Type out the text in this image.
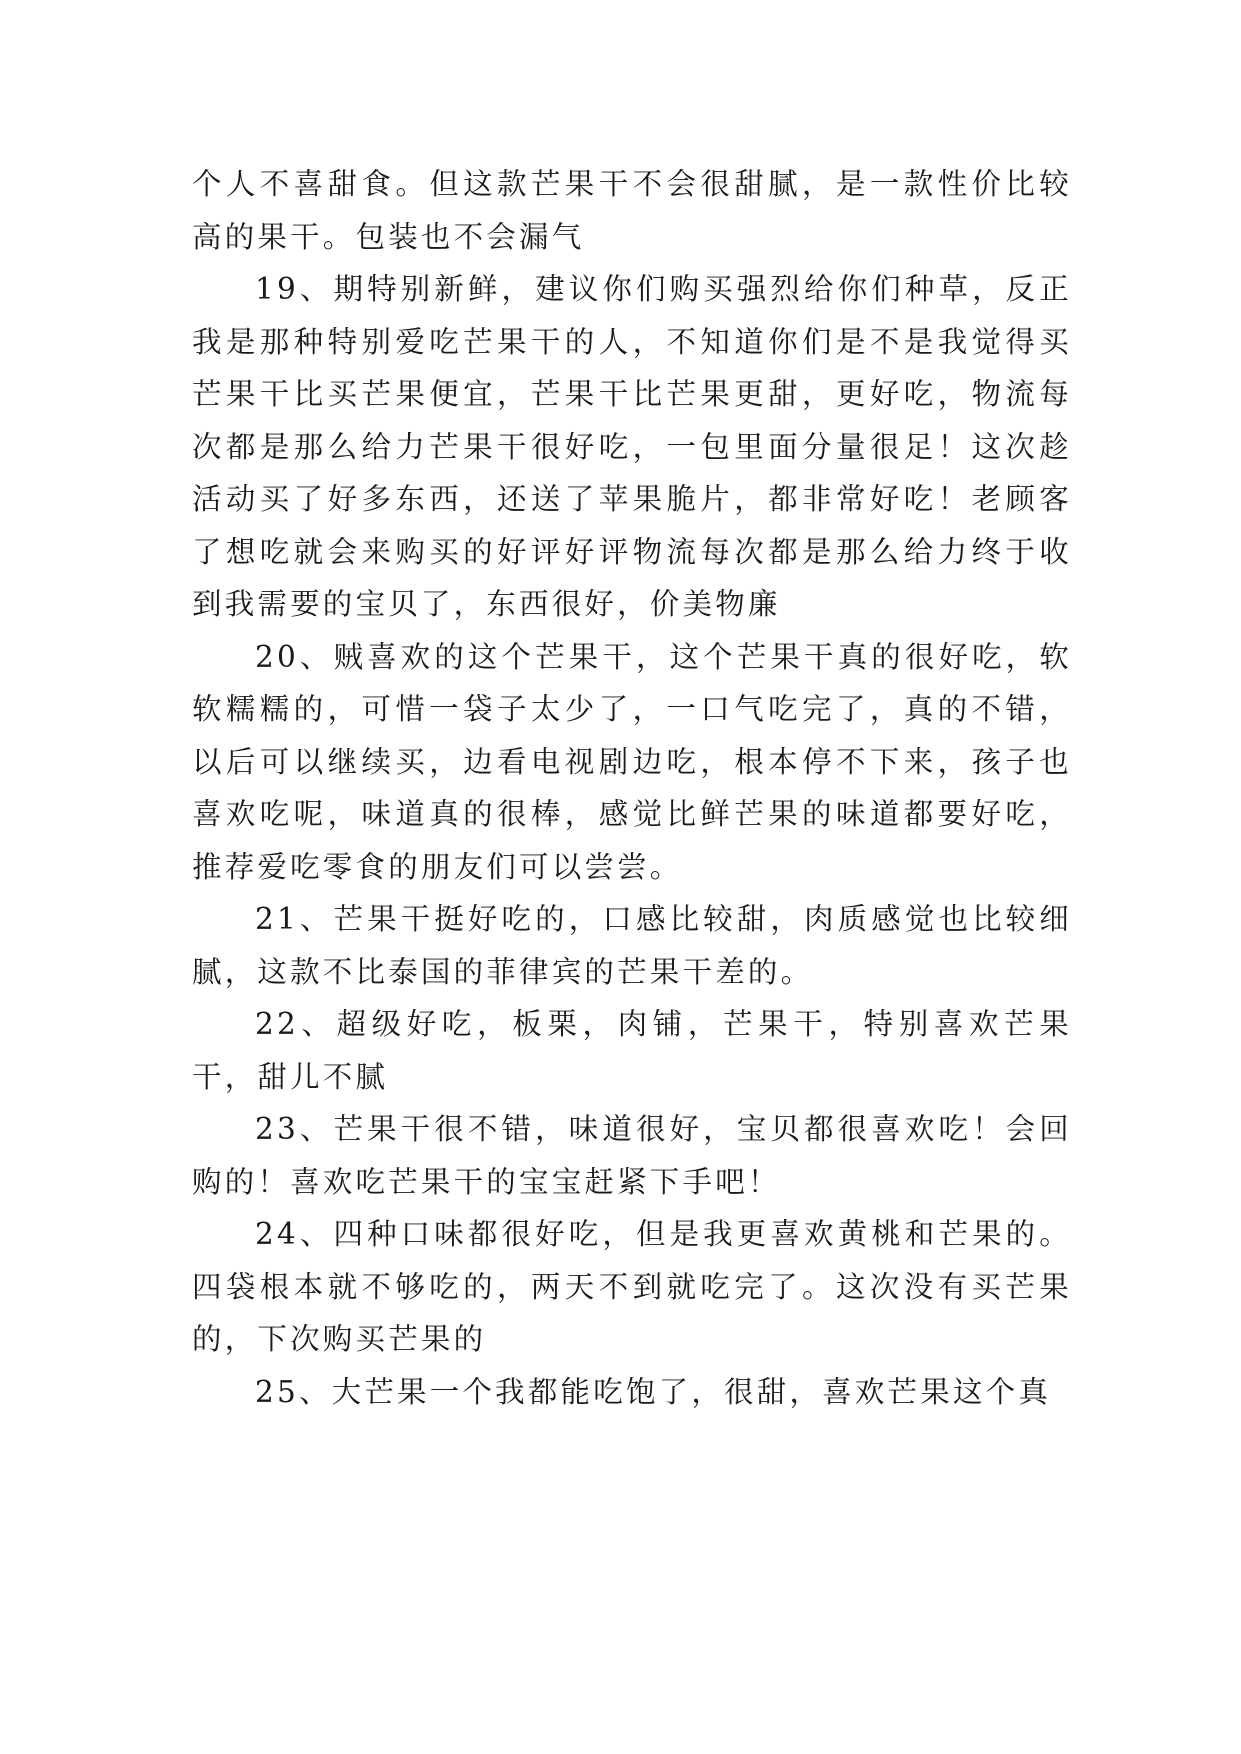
个人不喜甜食。但这款芒果干不会很甜腻，是一款性价比较高的果干。包装也不会漏气

19、期特别新鲜，建议你们购买强烈给你们种草，反正我是那种特别爱吃芒果干的人，不知道你们是不是我觉得买芒果干比买芒果便宜，芒果干比芒果更甜，更好吃，物流每次都是那么给力芒果干很好吃，一包里面分量很足！这次趁活动买了好多东西，还送了苹果脆片，都非常好吃！老顾客了想吃就会来购买的好评好评物流每次都是那么给力终于收到我需要的宝贝了，东西很好，价美物廉

20、贼喜欢的这个芒果干，这个芒果干真的很好吃，软软糯糯的，可惜一袋子太少了，一口气吃完了，真的不错，以后可以继续买，边看电视剧边吃，根本停不下来，孩子也喜欢吃呢，味道真的很棒，感觉比鲜芒果的味道都要好吃，推荐爱吃零食的朋友们可以尝尝。

21、芒果干挺好吃的，口感比较甜，肉质感觉也比较细腻，这款不比泰国的菲律宾的芒果干差的。

22、超级好吃，板栗，肉铺，芒果干，特别喜欢芒果干，甜儿不腻

23、芒果干很不错，味道很好，宝贝都很喜欢吃！会回购的！喜欢吃芒果干的宝宝赶紧下手吧！

24、四种口味都很好吃，但是我更喜欢黄桃和芒果的。四袋根本就不够吃的，两天不到就吃完了。这次没有买芒果的，下次购买芒果的

25、大芒果一个我都能吃饱了，很甜，喜欢芒果这个真
